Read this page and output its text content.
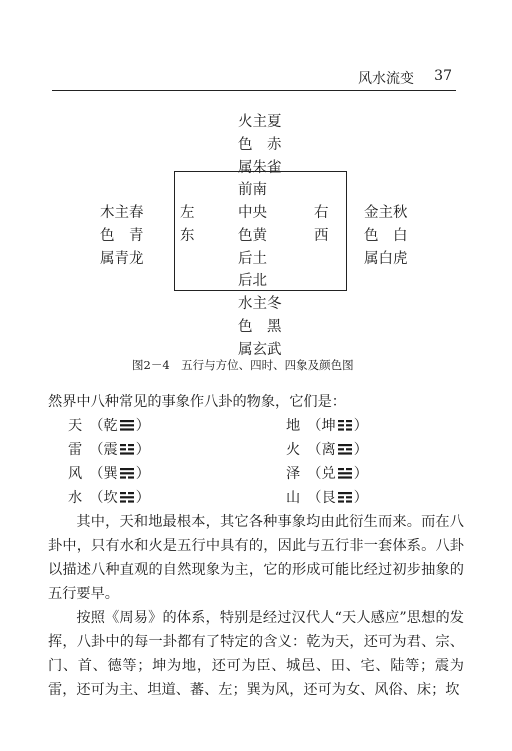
风水流变 37
火主夏
色　赤
属朱雀
前南
左
东
中央
色黄
右
西
后土
后北
木主春
色　青
属青龙
金主秋
色　白
属白虎
水主冬
色　黑
属玄武
图2－4　五行与方位、四时、四象及颜色图

然界中八种常见的事象作八卦的物象，它们是：

天　 （乾 ）	地　 （坤 ）
雷　 （震 ）	火　 （离 ）
风　 （巽 ）	泽　 （兑 ）
水　 （坎 ）	山　 （艮 ）

其中，天和地最根本，其它各种事象均由此衍生而来。而在八卦中，只有水和火是五行中具有的，因此与五行非一套体系。八卦以描述八种直观的自然现象为主，它的形成可能比经过初步抽象的五行要早。

按照《周易》的体系，特别是经过汉代人“天人感应”思想的发挥，八卦中的每一卦都有了特定的含义：乾为天，还可为君、宗、门、首、德等；坤为地，还可为臣、城邑、田、宅、陆等；震为雷，还可为主、坦道、蕃、左；巽为风，还可为女、风俗、床；坎
